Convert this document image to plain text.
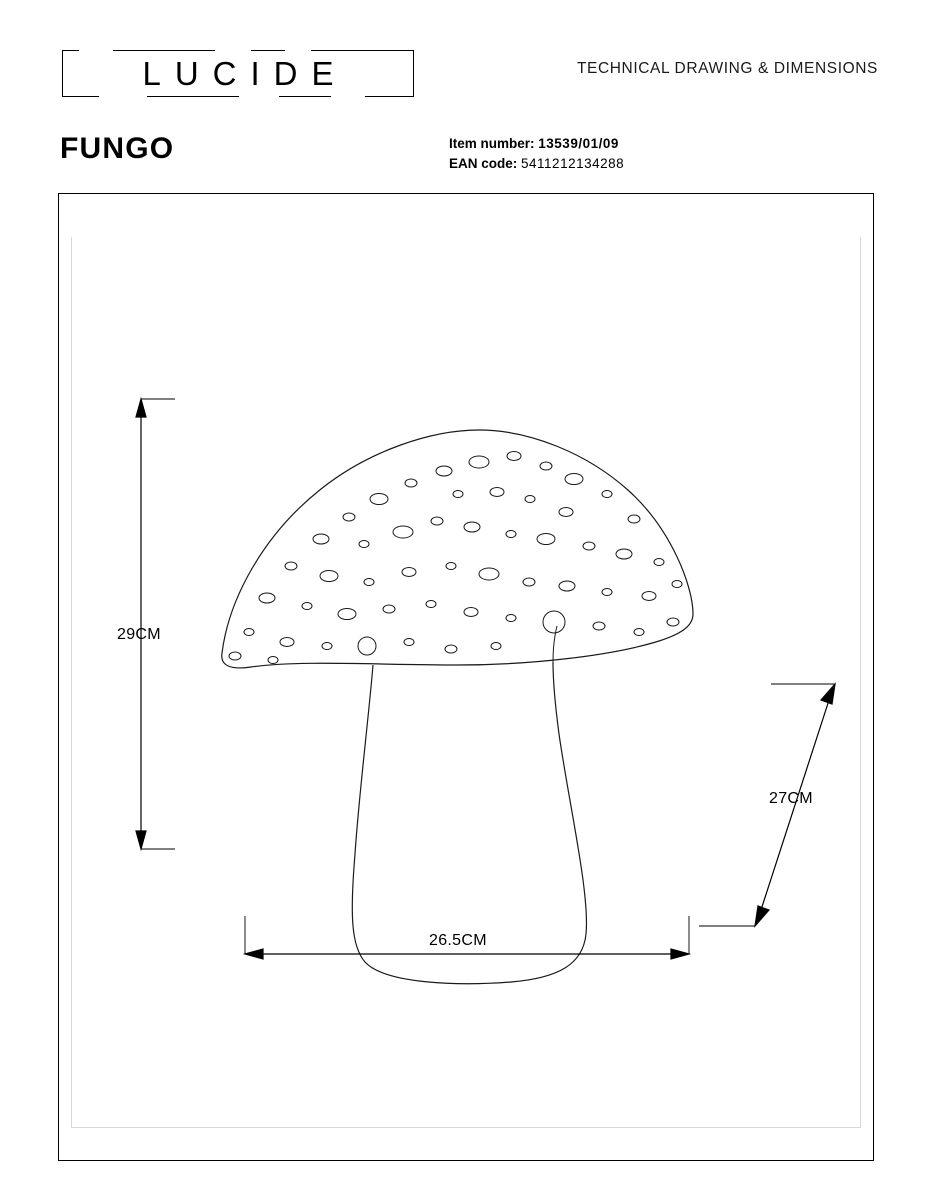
LUCIDE	TECHNICAL DRAWING & DIMENSIONS
FUNGO	Item number: 13539/01/09
EAN code: 5411212134288
29CM
26.5CM
27CM
